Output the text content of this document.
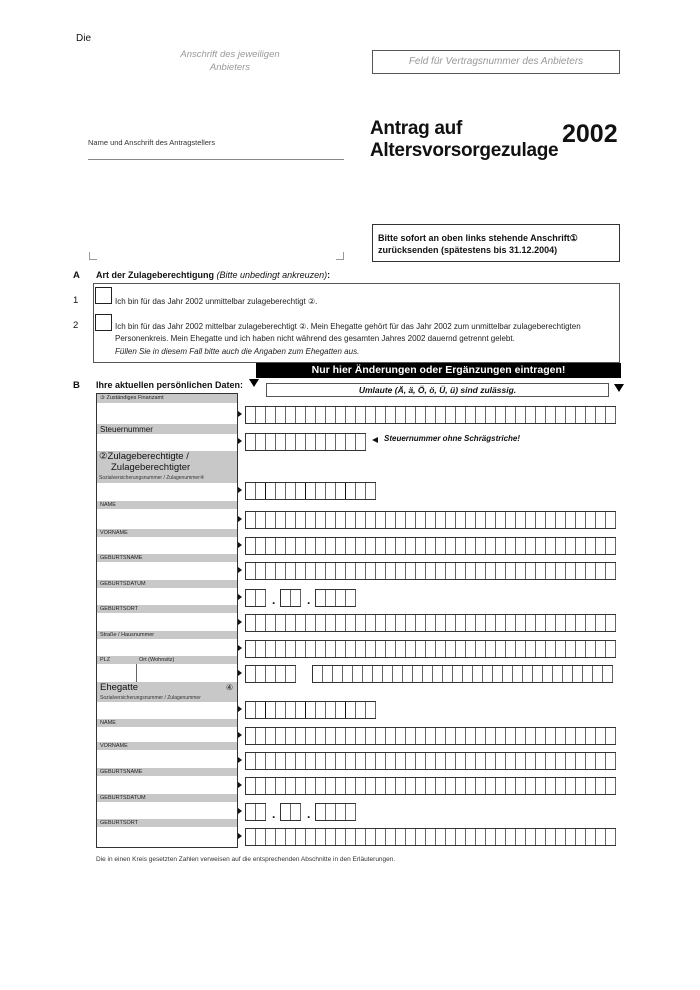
Die
Anschrift des jeweiligen Anbieters
Feld für Vertragsnummer des Anbieters
Name und Anschrift des Antragstellers
Antrag auf
Altersvorsorgezulage
2002
Bitte sofort an oben links stehende Anschrift① zurücksenden (spätestens bis 31.12.2004)
A Art der Zulageberechtigung (Bitte unbedingt ankreuzen):
1	Ich bin für das Jahr 2002 unmittelbar zulageberechtigt ②.
2	Ich bin für das Jahr 2002 mittelbar zulageberechtigt ②. Mein Ehegatte gehört für das Jahr 2002 zum unmittelbar zulageberechtigten Personenkreis. Mein Ehegatte und ich haben nicht während des gesamten Jahres 2002 dauernd getrennt gelebt.
Füllen Sie in diesem Fall bitte auch die Angaben zum Ehegatten aus.
B Ihre aktuellen persönlichen Daten:
Nur hier Änderungen oder Ergänzungen eintragen!
Umlaute (Ä, ä, Ö, ö, Ü, ü) sind zulässig.
③ Zuständiges Finanzamt
Steuernummer
②Zulageberechtigte /
Zulageberechtigter
Sozialversicherungsnummer / Zulagenummer④
NAME
VORNAME
GEBURTSNAME
GEBURTSDATUM
GEBURTSORT
Straße / Hausnummer
PLZ	Ort (Wohnsitz)
Ehegatte	④
Sozialversicherungsnummer / Zulagenummer
NAME
VORNAME
GEBURTSNAME
GEBURTSDATUM
GEBURTSORT
.	.
.	.
Steuernummer ohne Schrägstriche!
Die in einen Kreis gesetzten Zahlen verweisen auf die entsprechenden Abschnitte in den Erläuterungen.
